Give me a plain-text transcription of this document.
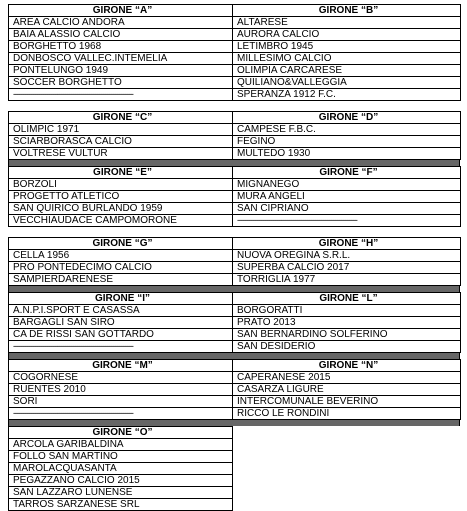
GIRONE “A”	GIRONE “B”
AREA CALCIO ANDORA	ALTARESE
BAIA ALASSIO CALCIO	AURORA CALCIO
BORGHETTO 1968	LETIMBRO 1945
DONBOSCO VALLEC.INTEMELIA	MILLESIMO CALCIO
PONTELUNGO 1949	OLIMPIA CARCARESE
SOCCER BORGHETTO	QUILIANO&VALLEGGIA
------------------------------------------------------------	SPERANZA 1912 F.C.
GIRONE “C”	GIRONE “D”
OLIMPIC 1971	CAMPESE F.B.C.
SCIARBORASCA CALCIO	FEGINO
VOLTRESE VULTUR	MULTEDO 1930
GIRONE “E”	GIRONE “F”
BORZOLI	MIGNANEGO
PROGETTO ATLETICO	MURA ANGELI
SAN QUIRICO BURLANDO 1959	SAN CIPRIANO
VECCHIAUDACE CAMPOMORONE	------------------------------------------------------------
GIRONE “G”	GIRONE “H”
CELLA 1956	NUOVA OREGINA S.R.L.
PRO PONTEDECIMO CALCIO	SUPERBA CALCIO 2017
SAMPIERDARENESE	TORRIGLIA 1977
GIRONE “I”	GIRONE “L”
A.N.P.I.SPORT E CASASSA	BORGORATTI
BARGAGLI SAN SIRO	PRATO 2013
CA DE RISSI SAN GOTTARDO	SAN BERNARDINO SOLFERINO
------------------------------------------------------------	SAN DESIDERIO
GIRONE “M”	GIRONE “N”
COGORNESE	CAPERANESE 2015
RUENTES 2010	CASARZA LIGURE
SORI	INTERCOMUNALE BEVERINO
------------------------------------------------------------	RICCO LE RONDINI
GIRONE “O”	
ARCOLA GARIBALDINA	
FOLLO SAN MARTINO	
MAROLACQUASANTA	
PEGAZZANO CALCIO 2015	
SAN LAZZARO LUNENSE	
TARROS SARZANESE SRL	
